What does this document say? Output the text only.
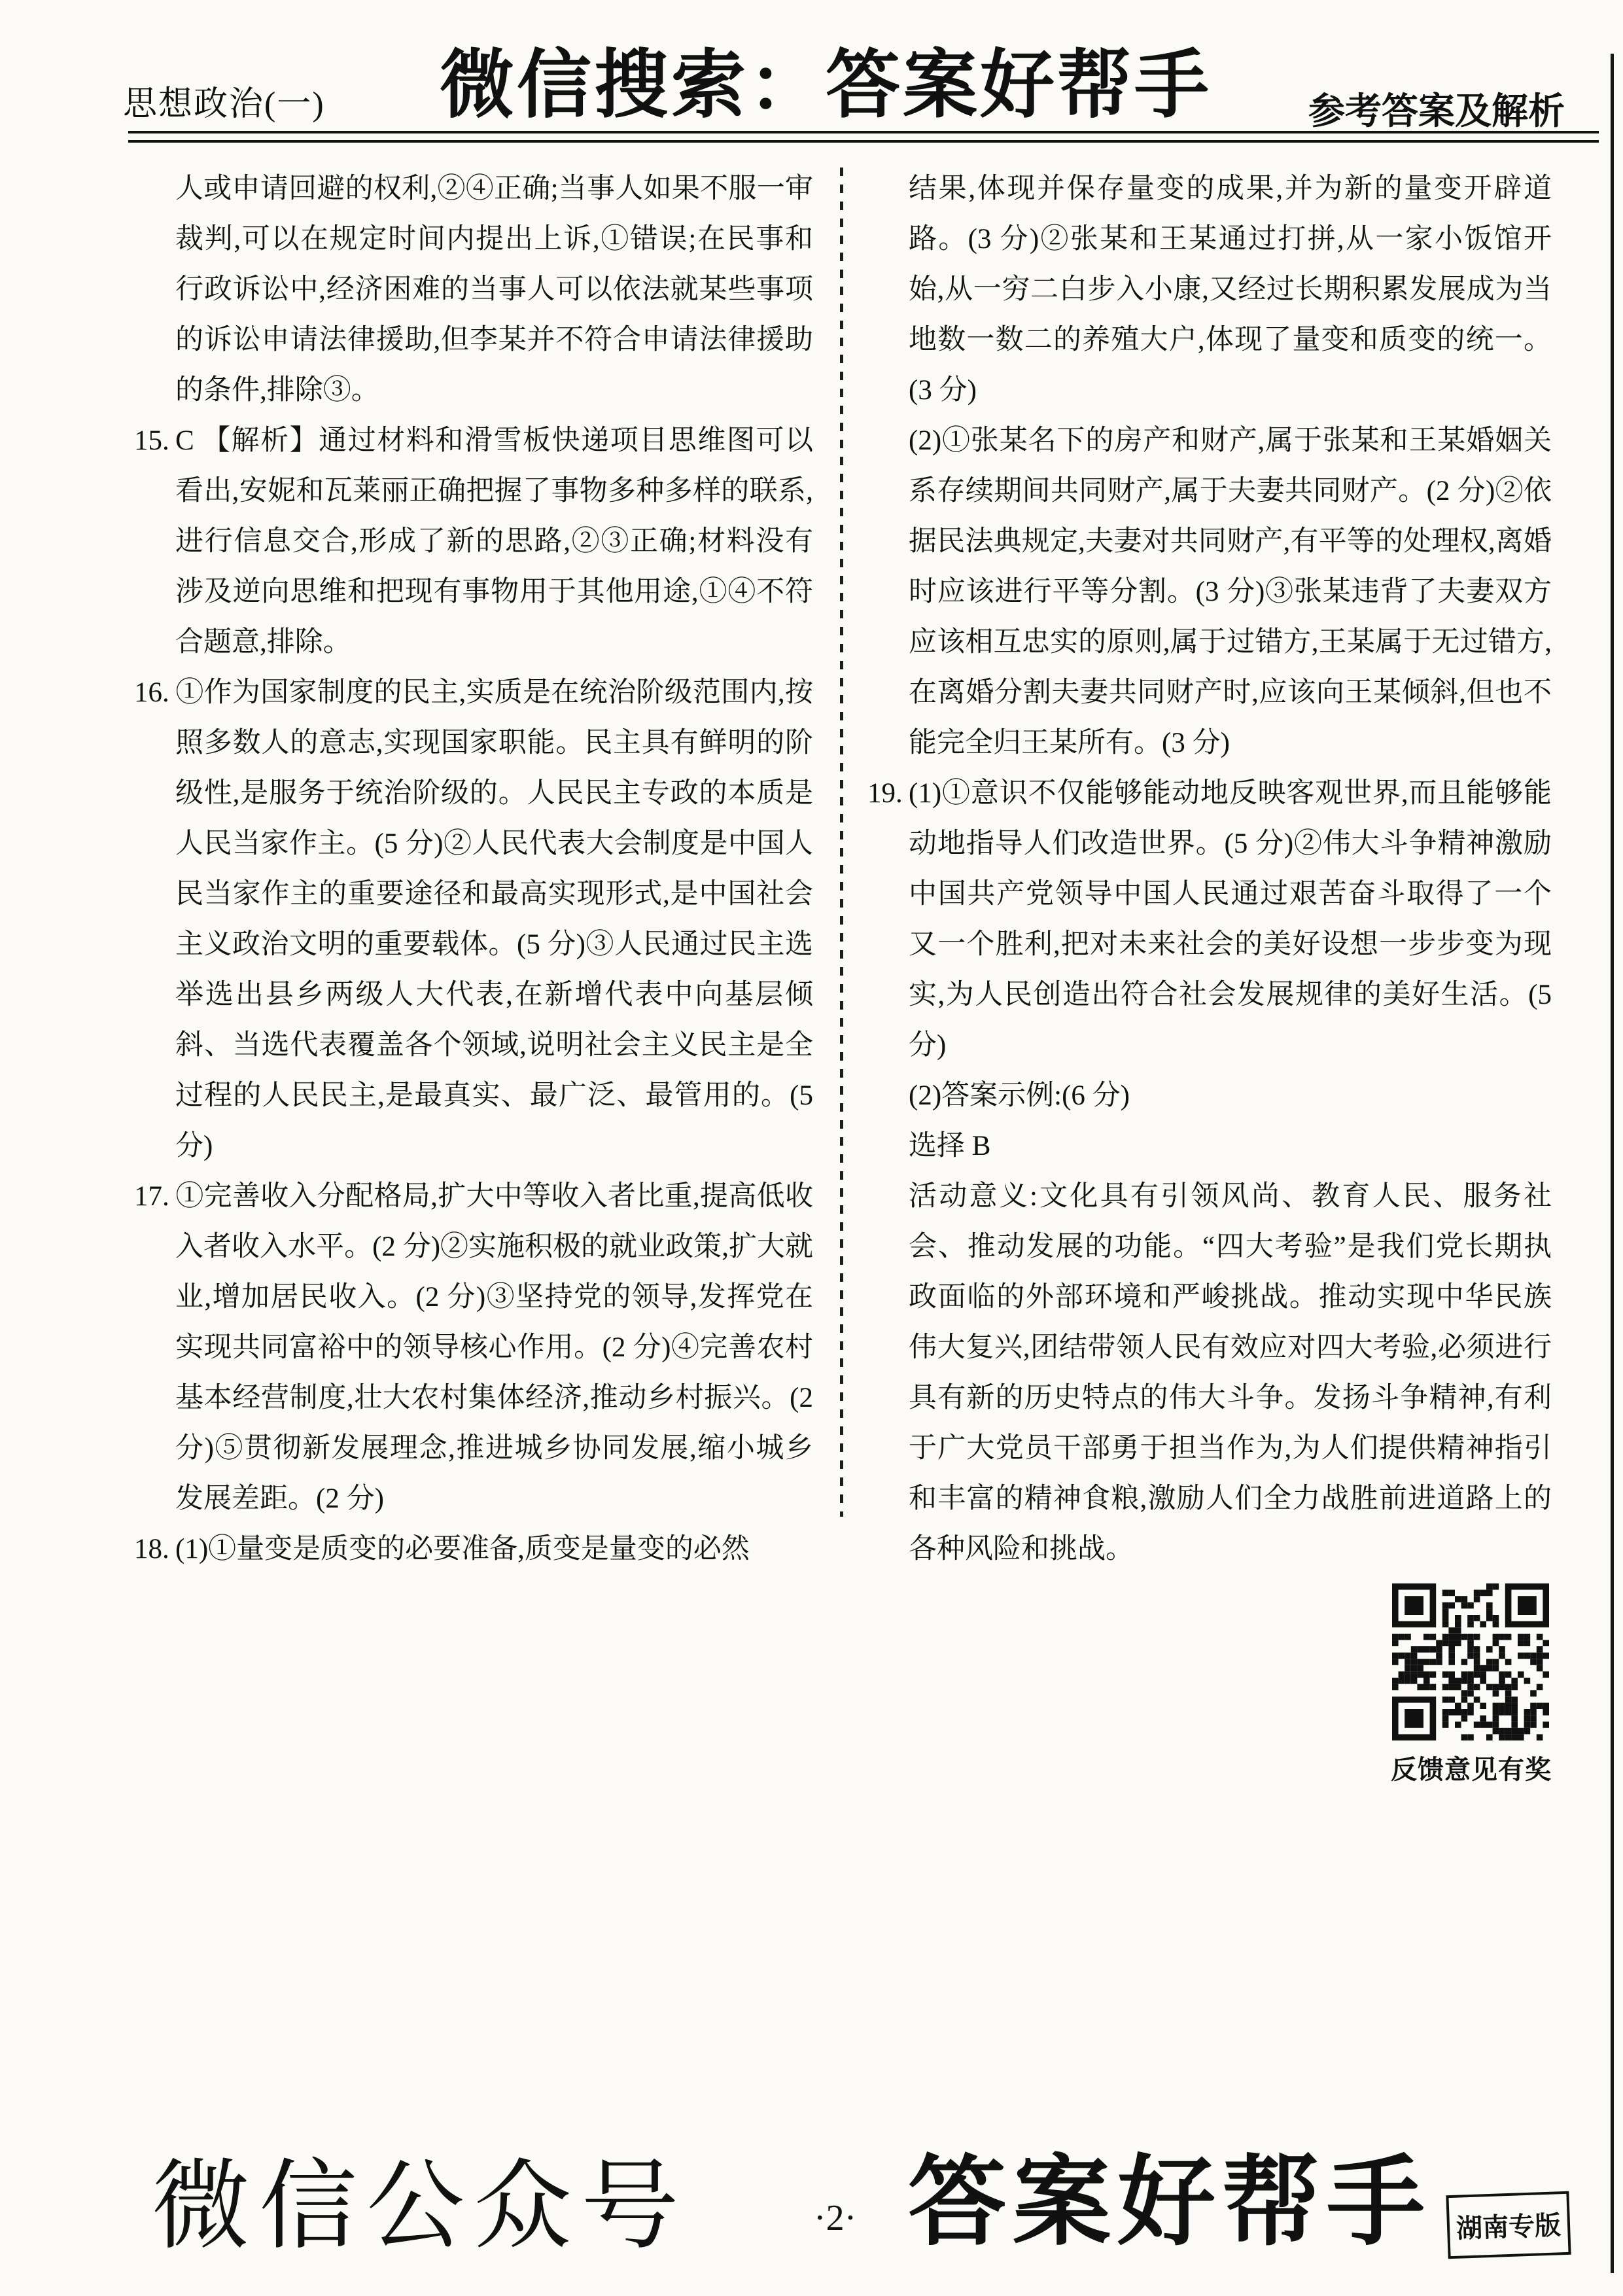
思想政治(一) 微信搜索：答案好帮手	参考答案及解析
人或申请回避的权利,②④正确;当事人如果不服一审裁判,可以在规定时间内提出上诉,①错误;在民事和行政诉讼中,经济困难的当事人可以依法就某些事项的诉讼申请法律援助,但李某并不符合申请法律援助的条件,排除③。
15. C 【解析】通过材料和滑雪板快递项目思维图可以看出,安妮和瓦莱丽正确把握了事物多种多样的联系,进行信息交合,形成了新的思路,②③正确;材料没有涉及逆向思维和把现有事物用于其他用途,①④不符合题意,排除。
16. ①作为国家制度的民主,实质是在统治阶级范围内,按照多数人的意志,实现国家职能。民主具有鲜明的阶级性,是服务于统治阶级的。人民民主专政的本质是人民当家作主。(5 分)②人民代表大会制度是中国人民当家作主的重要途径和最高实现形式,是中国社会主义政治文明的重要载体。(5 分)③人民通过民主选举选出县乡两级人大代表,在新增代表中向基层倾斜、当选代表覆盖各个领域,说明社会主义民主是全过程的人民民主,是最真实、最广泛、最管用的。(5 分)
17. ①完善收入分配格局,扩大中等收入者比重,提高低收入者收入水平。(2 分)②实施积极的就业政策,扩大就业,增加居民收入。(2 分)③坚持党的领导,发挥党在实现共同富裕中的领导核心作用。(2 分)④完善农村基本经营制度,壮大农村集体经济,推动乡村振兴。(2 分)⑤贯彻新发展理念,推进城乡协同发展,缩小城乡发展差距。(2 分)
18. (1)①量变是质变的必要准备,质变是量变的必然
结果,体现并保存量变的成果,并为新的量变开辟道路。(3 分)②张某和王某通过打拼,从一家小饭馆开始,从一穷二白步入小康,又经过长期积累发展成为当地数一数二的养殖大户,体现了量变和质变的统一。(3 分)
(2)①张某名下的房产和财产,属于张某和王某婚姻关系存续期间共同财产,属于夫妻共同财产。(2 分)②依据民法典规定,夫妻对共同财产,有平等的处理权,离婚时应该进行平等分割。(3 分)③张某违背了夫妻双方应该相互忠实的原则,属于过错方,王某属于无过错方,在离婚分割夫妻共同财产时,应该向王某倾斜,但也不能完全归王某所有。(3 分)
19. (1)①意识不仅能够能动地反映客观世界,而且能够能动地指导人们改造世界。(5 分)②伟大斗争精神激励中国共产党领导中国人民通过艰苦奋斗取得了一个又一个胜利,把对未来社会的美好设想一步步变为现实,为人民创造出符合社会发展规律的美好生活。(5 分)
(2)答案示例:(6 分)
选择 B
活动意义:文化具有引领风尚、教育人民、服务社会、推动发展的功能。“四大考验”是我们党长期执政面临的外部环境和严峻挑战。推动实现中华民族伟大复兴,团结带领人民有效应对四大考验,必须进行具有新的历史特点的伟大斗争。发扬斗争精神,有利于广大党员干部勇于担当作为,为人们提供精神指引和丰富的精神食粮,激励人们全力战胜前进道路上的各种风险和挑战。
反馈意见有奖
微信公众号	·2· 答案好帮手 湖南专版
